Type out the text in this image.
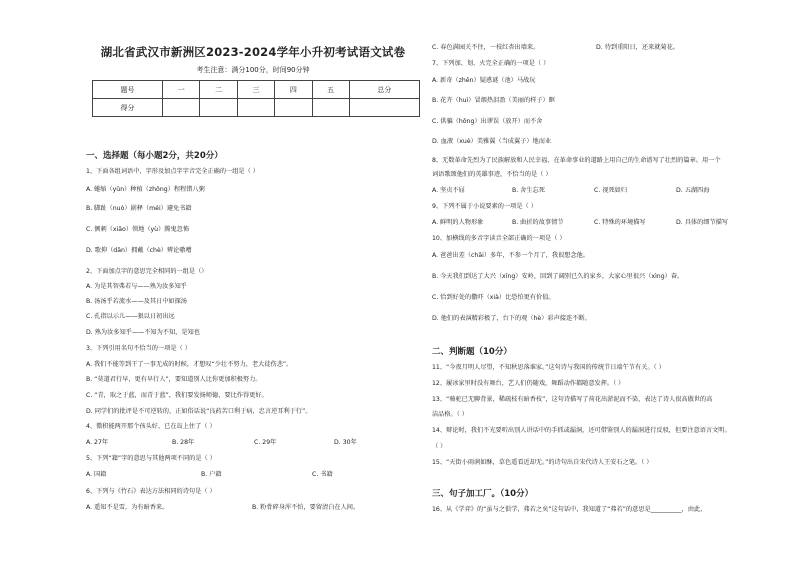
湖北省武汉市新洲区2023-2024学年小升初考试语文试卷
考生注意：满分100分，时间90分钟
题号	一	二	三	四	五	总分
得分						
一、选择题（每小题2分，共20分）
1、下面各组词语中，字形及加点字字音完全正确的一组是（ ）
A. 蜷缩（yǔn）种植（zhǒng）程程错八粥
B. 脚趾（nuò）剧释（méi）避免书籍
C. 侧刺（xiāo）领地（yù）腾鬼忽怖
D. 歌抑（dān）拥戴（chè）辨论嗷嘈
2、下面加点字的意思完全相同的一组是（）
A. 为是其智弗若与——熟为汝多知乎
B. 汤汤乎若流水——及其日中如探汤
C. 孔指以示儿——狠以日初出远
D. 熟为汝多知乎——不知为不知，是知也
3、下列引用名句不恰当的一项是（ ）
A. 我们不能等到干了一事无成的时候，才想叹“少壮不努力，老大徒伤悲”。
B. “莫道君行早，更有早行人”，要知道别人比你更加积极努力。
C. “青，取之于蓝，而青于蓝”，我们要发扬师德，要比作得更好。
D. 同学们的批评是不可逆转的，正如俗话说“良药苦口利于病，忠言逆耳利于行”。
4、微积能两开那个孩头好，已在岛上住了（ ）
A. 27年	B. 28年	C. 29年	D. 30年
5、下列“籍”字的意思与其他两项不同的是（ ）
A. 国籍	B. 户籍	C. 书籍
6、下列与《竹石》表达方法相同的诗句是（ ）
A. 遥知不是雪，为有暗香来。	B. 粉骨碎身浑不怕，要留清白在人间。
C. 春色满园关不住，一枝红杏出墙来。	D. 待到重阳日，还来就菊花。
7、下列加、划、火完全正确的一项是（ ）
A. 新奇（zhēn）疑惑谜（池）马战玩
B. 花卉（huì）冒烟热泪盈（美丽的样子）眶
C. 供骗（hōng）出谬误（放开）而不舍
D. 血液（xuè）美雅翼（当成翼子）地而业
8、无数革命先烈为了民族解放和人民幸福，在革命事业的道路上用自己的生命谱写了壮烈的篇章。用一个
词语歌颂他们的英雄事迹，不恰当的是（ ）
A. 坚贞不屈	B. 舍生忘死	C. 视死如归	D. 五湖四海
9、下列不属于小说要素的一项是（ ）
A. 鲜明的人物形象	B. 曲折的故事情节	C. 特殊的环境描写	D. 具体的细节描写
10、加横线的多音字读音全部正确的一项是（ ）
A. 爸爸出差（chāi）多年，不参一个月了，我很想念他。
B. 今天我们到达了大兴（xīng）安岭，回到了阔别已久的家乡，大家心里很兴（xìng）奋。
C. 恰到好处的撒吓（xià）比恐怕更有价值。
D. 他们的表演精彩极了，台下的观（hè）彩声接连不断。
二、判断题（10分）
11、“今夜月明人尽望，不知秋思落谁家。”这句诗与我国的传统节日端午节有关。（ ）
12、履冰家里时没有舞台，艺人们仍随戏，舞蹈动作都随意发挥。（ ）
13、“骑驼已无聊背景，稀疏枝有暗香枝”，这句诗描写了荷花出淤泥而不染，表达了诗人很高傲世的高
洁品格。（ ）
14、辩论时，我们不光要听出别人讲话中的手抓或漏洞，还可借鉴别人的漏洞进行反驳，但要注意语言文明。
（ ）
15、“天街小雨润如酥，草色遥看近却无。”的诗句出自宋代诗人王安石之笔。（ ）
三、句子加工厂。（10分）
16、从《学弈》的“虽与之俱学，弗若之矣”这句话中，我知道了“弗若”的意思是__________，由此，
